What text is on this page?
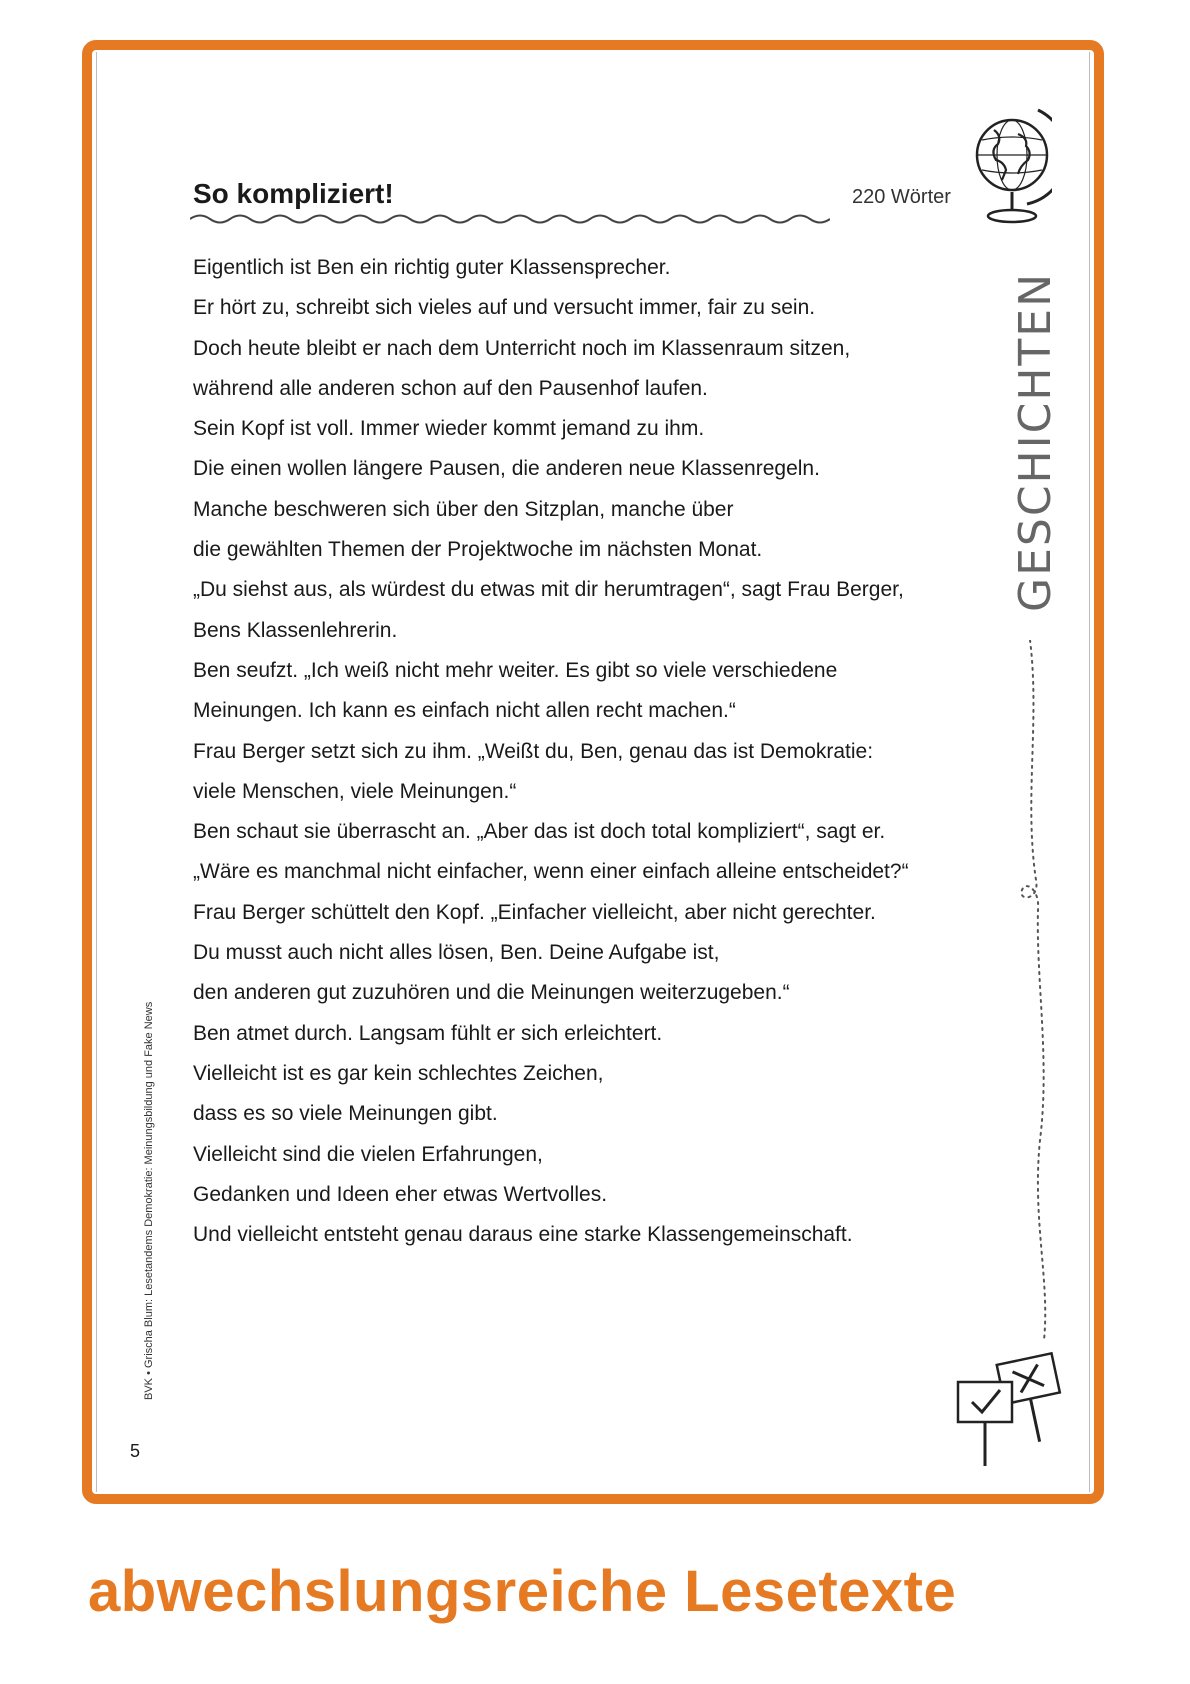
So kompliziert!	220 Wörter
Eigentlich ist Ben ein richtig guter Klassensprecher.
Er hört zu, schreibt sich vieles auf und versucht immer, fair zu sein.
Doch heute bleibt er nach dem Unterricht noch im Klassenraum sitzen,
während alle anderen schon auf den Pausenhof laufen.
Sein Kopf ist voll. Immer wieder kommt jemand zu ihm.
Die einen wollen längere Pausen, die anderen neue Klassenregeln.
Manche beschweren sich über den Sitzplan, manche über
die gewählten Themen der Projektwoche im nächsten Monat.
„Du siehst aus, als würdest du etwas mit dir herumtragen“, sagt Frau Berger,
Bens Klassenlehrerin.
Ben seufzt. „Ich weiß nicht mehr weiter. Es gibt so viele verschiedene
Meinungen. Ich kann es einfach nicht allen recht machen.“
Frau Berger setzt sich zu ihm. „Weißt du, Ben, genau das ist Demokratie:
viele Menschen, viele Meinungen.“
Ben schaut sie überrascht an. „Aber das ist doch total kompliziert“, sagt er.
„Wäre es manchmal nicht einfacher, wenn einer einfach alleine entscheidet?“
Frau Berger schüttelt den Kopf. „Einfacher vielleicht, aber nicht gerechter.
Du musst auch nicht alles lösen, Ben. Deine Aufgabe ist,
den anderen gut zuzuhören und die Meinungen weiterzugeben.“
Ben atmet durch. Langsam fühlt er sich erleichtert.
Vielleicht ist es gar kein schlechtes Zeichen,
dass es so viele Meinungen gibt.
Vielleicht sind die vielen Erfahrungen,
Gedanken und Ideen eher etwas Wertvolles.
Und vielleicht entsteht genau daraus eine starke Klassengemeinschaft.
GESCHICHTEN
BVK • Grischa Blum: Lesetandems Demokratie: Meinungsbildung und Fake News
5
abwechslungsreiche Lesetexte
